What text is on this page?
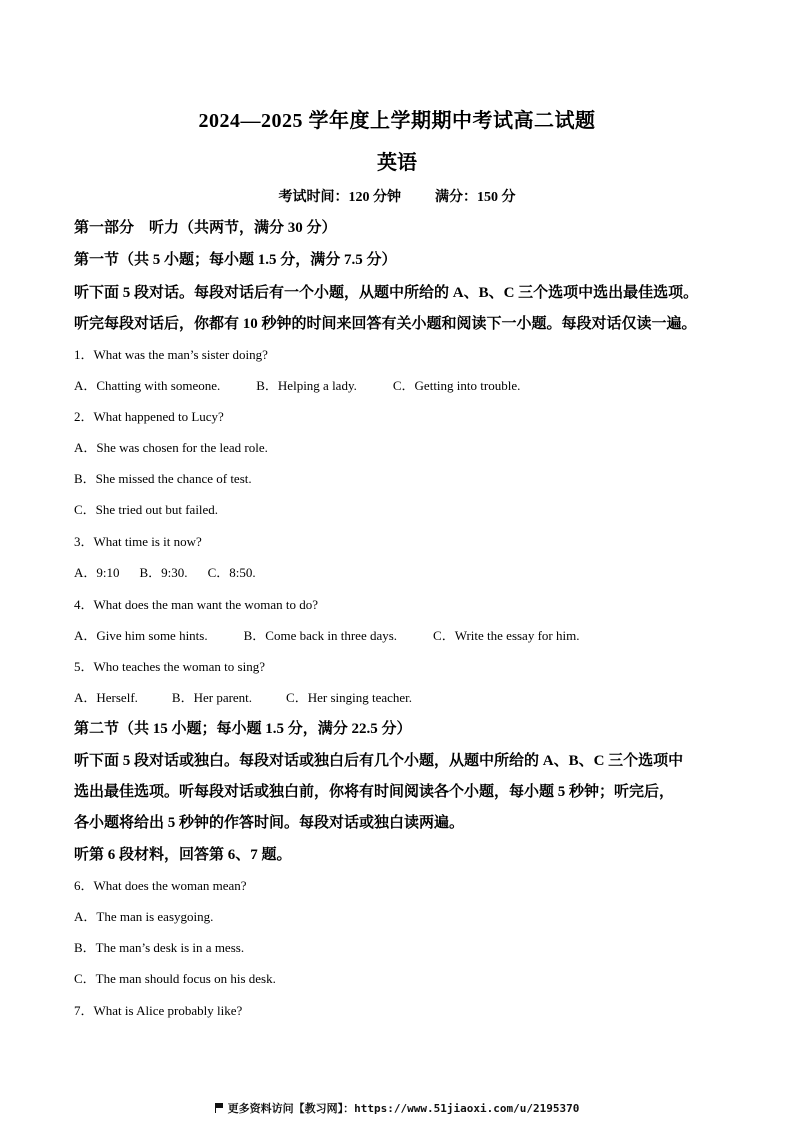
2024—2025 学年度上学期期中考试高二试题
英语
考试时间：120 分钟 满分：150 分
第一部分　听力（共两节，满分 30 分）
第一节（共 5 小题；每小题 1.5 分，满分 7.5 分）
听下面 5 段对话。每段对话后有一个小题，从题中所给的 A、B、C 三个选项中选出最佳选项。
听完每段对话后，你都有 10 秒钟的时间来回答有关小题和阅读下一小题。每段对话仅读一遍。
1．What was the man’s sister doing?
A．Chatting with someone.	B．Helping a lady.	C．Getting into trouble.
2．What happened to Lucy?
A．She was chosen for the lead role.
B．She missed the chance of test.
C．She tried out but failed.
3．What time is it now?
A．9:10 B．9:30. C．8:50.
4．What does the man want the woman to do?
A．Give him some hints.	B．Come back in three days.	C．Write the essay for him.
5．Who teaches the woman to sing?
A．Herself.	B．Her parent.	C．Her singing teacher.
第二节（共 15 小题；每小题 1.5 分，满分 22.5 分）
听下面 5 段对话或独白。每段对话或独白后有几个小题，从题中所给的 A、B、C 三个选项中
选出最佳选项。听每段对话或独白前，你将有时间阅读各个小题，每小题 5 秒钟；听完后，
各小题将给出 5 秒钟的作答时间。每段对话或独白读两遍。
听第 6 段材料，回答第 6、7 题。
6．What does the woman mean?
A．The man is easygoing.
B．The man’s desk is in a mess.
C．The man should focus on his desk.
7．What is Alice probably like?
更多资料访问【教习网】：https://www.51jiaoxi.com/u/2195370
